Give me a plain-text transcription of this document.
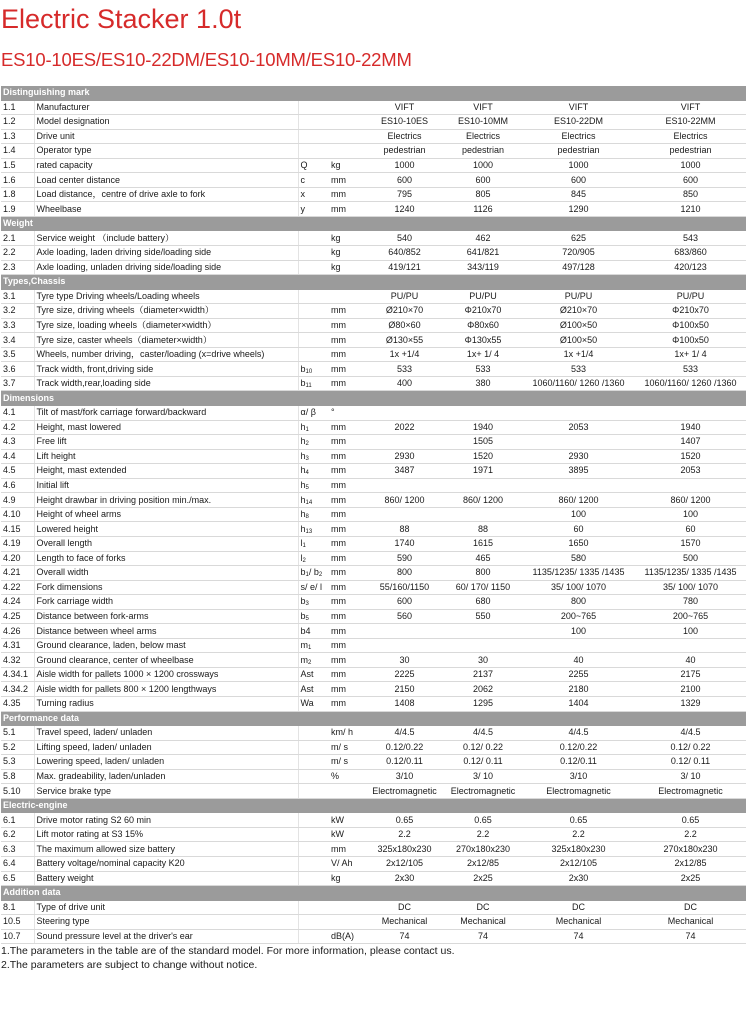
Electric Stacker 1.0t
ES10-10ES/ES10-22DM/ES10-10MM/ES10-22MM
Distinguishing mark							
1.1	Manufacturer			VIFT	VIFT	VIFT	VIFT
1.2	Model designation			ES10-10ES	ES10-10MM	ES10-22DM	ES10-22MM
1.3	Drive unit			Electrics	Electrics	Electrics	Electrics
1.4	Operator type			pedestrian	pedestrian	pedestrian	pedestrian
1.5	rated capacity	Q	kg	1000	1000	1000	1000
1.6	Load center distance	c	mm	600	600	600	600
1.8	Load distance，centre of drive axle to fork	x	mm	795	805	845	850
1.9	Wheelbase	y	mm	1240	1126	1290	1210
Weight							
2.1	Service weight （include battery）		kg	540	462	625	543
2.2	Axle loading, laden driving side/loading side		kg	640/852	641/821	720/905	683/860
2.3	Axle loading, unladen driving side/loading side		kg	419/121	343/119	497/128	420/123
Types,Chassis							
3.1	Tyre type Driving wheels/Loading wheels			PU/PU	PU/PU	PU/PU	PU/PU
3.2	Tyre size, driving wheels（diameter×width）		mm	Ø210×70	Φ210x70	Ø210×70	Φ210x70
3.3	Tyre size, loading wheels（diameter×width）		mm	Ø80×60	Φ80x60	Ø100×50	Φ100x50
3.4	Tyre size, caster wheels（diameter×width）		mm	Ø130×55	Φ130x55	Ø100×50	Φ100x50
3.5	Wheels, number driving，caster/loading (x=drive wheels)		mm	1x +1/4	1x+ 1/ 4	1x +1/4	1x+ 1/ 4
3.6	Track width, front,driving side	$b_{10}$	mm	533	533	533	533
3.7	Track width,rear,loading side	$b_{11}$	mm	400	380	1060/1160/ 1260 /1360	1060/1160/ 1260 /1360
Dimensions							
4.1	Tilt of mast/fork carriage forward/backward	α/ β	°				
4.2	Height, mast lowered	$h_1$	mm	2022	1940	2053	1940
4.3	Free lift	$h_2$	mm		1505		1407
4.4	Lift height	$h_3$	mm	2930	1520	2930	1520
4.5	Height, mast extended	$h_4$	mm	3487	1971	3895	2053
4.6	Initial lift	$h_5$	mm				
4.9	Height drawbar in driving position min./max.	$h_{14}$	mm	860/ 1200	860/ 1200	860/ 1200	860/ 1200
4.10	Height of wheel arms	$h_8$	mm			100	100
4.15	Lowered height	$h_{13}$	mm	88	88	60	60
4.19	Overall length	$l_1$	mm	1740	1615	1650	1570
4.20	Length to face of forks	$l_2$	mm	590	465	580	500
4.21	Overall width	$b_1/$ $b_2$	mm	800	800	1135/1235/ 1335 /1435	1135/1235/ 1335 /1435
4.22	Fork dimensions	s/ e/ l	mm	55/160/1150	60/ 170/ 1150	35/ 100/ 1070	35/ 100/ 1070
4.24	Fork carriage width	$b_3$	mm	600	680	800	780
4.25	Distance between fork-arms	$b_5$	mm	560	550	200~765	200~765
4.26	Distance between wheel arms	b4	mm			100	100
4.31	Ground clearance, laden, below mast	$m_1$	mm				
4.32	Ground clearance, center of wheelbase	$m_2$	mm	30	30	40	40
4.34.1	Aisle width for pallets 1000 × 1200 crossways	Ast	mm	2225	2137	2255	2175
4.34.2	Aisle width for pallets 800 × 1200 lengthways	Ast	mm	2150	2062	2180	2100
4.35	Turning radius	Wa	mm	1408	1295	1404	1329
Performance data							
5.1	Travel speed, laden/ unladen		km/ h	4/4.5	4/4.5	4/4.5	4/4.5
5.2	Lifting speed, laden/ unladen		m/ s	0.12/0.22	0.12/ 0.22	0.12/0.22	0.12/ 0.22
5.3	Lowering speed, laden/ unladen		m/ s	0.12/0.11	0.12/ 0.11	0.12/0.11	0.12/ 0.11
5.8	Max. gradeability, laden/unladen		%	3/10	3/ 10	3/10	3/ 10
5.10	Service brake type			Electromagnetic	Electromagnetic	Electromagnetic	Electromagnetic
Electric-engine							
6.1	Drive motor rating S2 60 min		kW	0.65	0.65	0.65	0.65
6.2	Lift motor rating at S3 15%		kW	2.2	2.2	2.2	2.2
6.3	The maximum allowed size battery		mm	325x180x230	270x180x230	325x180x230	270x180x230
6.4	Battery voltage/nominal capacity K20		V/ Ah	2x12/105	2x12/85	2x12/105	2x12/85
6.5	Battery weight		kg	2x30	2x25	2x30	2x25
Addition data							
8.1	Type of drive unit			DC	DC	DC	DC
10.5	Steering type			Mechanical	Mechanical	Mechanical	Mechanical
10.7	Sound pressure level at the driver's ear		dB(A)	74	74	74	74
1.The parameters in the table are of the standard model. For more information, please contact us.
2.The parameters are subject to change without notice.
